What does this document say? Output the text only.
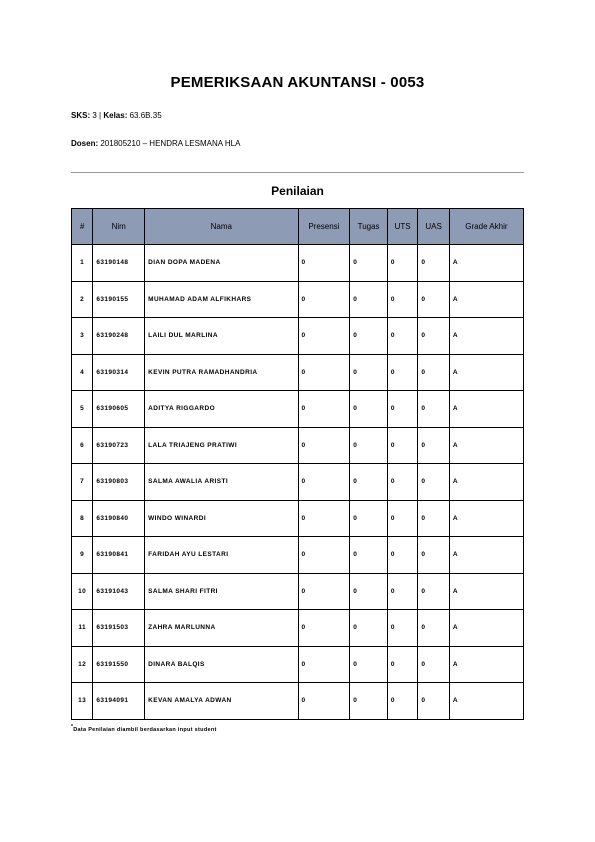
PEMERIKSAAN AKUNTANSI - 0053
SKS: 3 | Kelas: 63.6B.35
Dosen: 201805210 – HENDRA LESMANA HLA
Penilaian
#	Nim	Nama	Presensi	Tugas	UTS	UAS	Grade Akhir
1	63190148	DIAN DOPA MADENA	0	0	0	0	A
2	63190155	MUHAMAD ADAM ALFIKHARS	0	0	0	0	A
3	63190248	LAILI DUL MARLINA	0	0	0	0	A
4	63190314	KEVIN PUTRA RAMADHANDRIA	0	0	0	0	A
5	63190605	ADITYA RIGGARDO	0	0	0	0	A
6	63190723	LALA TRIAJENG PRATIWI	0	0	0	0	A
7	63190803	SALMA AWALIA ARISTI	0	0	0	0	A
8	63190840	WINDO WINARDI	0	0	0	0	A
9	63190841	FARIDAH AYU LESTARI	0	0	0	0	A
10	63191043	SALMA SHARI FITRI	0	0	0	0	A
11	63191503	ZAHRA MARLUNNA	0	0	0	0	A
12	63191550	DINARA BALQIS	0	0	0	0	A
13	63194091	KEVAN AMALYA ADWAN	0	0	0	0	A
*Data Penilaian diambil berdasarkan input student
